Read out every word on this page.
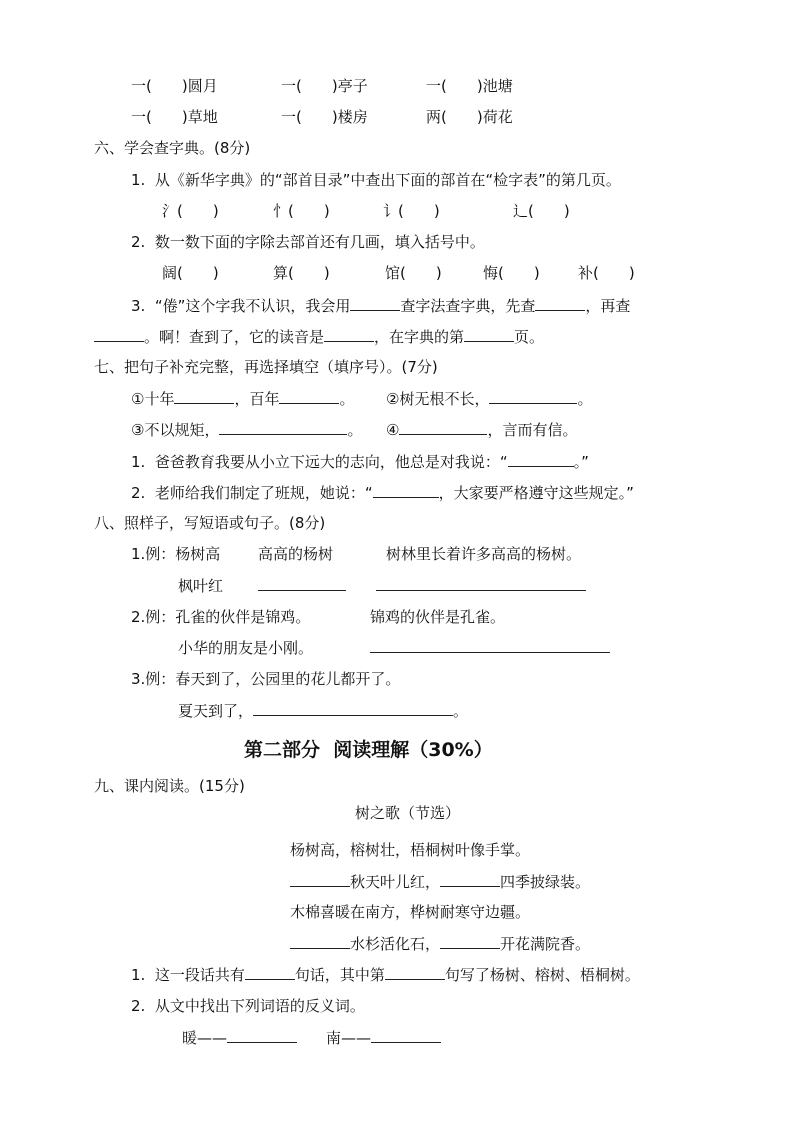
一(　　)圆月	一(　　)亭子	一(　　)池塘
一(　　)草地	一(　　)楼房	两(　　)荷花
六、学会查字典。(8分)
1.  从《新华字典》的“部首目录”中查出下面的部首在“检字表”的第几页。
氵(　　)	忄(　　)	讠(　　)	辶(　　)
2.  数一数下面的字除去部首还有几画，填入括号中。
阔(　　)	算(　　)	馆(　　)	悔(　　)	补(　　)
3.  “倦”这个字我不认识，我会用	查字法查字典，先查	，再查
。啊！查到了，它的读音是	，在字典的第	页。
七、把句子补充完整，再选择填空（填序号）。(7分)
①十年	，百年	。 ②树无根不长，	。
③不以规矩，	。 ④	，言而有信。
1.  爸爸教育我要从小立下远大的志向，他总是对我说：“	。”
2.  老师给我们制定了班规，她说：“	，大家要严格遵守这些规定。”
八、照样子，写短语或句子。(8分)
1.例：杨树高	高高的杨树	树林里长着许多高高的杨树。
枫叶红
2.例：孔雀的伙伴是锦鸡。	锦鸡的伙伴是孔雀。
小华的朋友是小刚。
3.例：春天到了，公园里的花儿都开了。
夏天到了，	。
第二部分  阅读理解（30%）
九、课内阅读。(15分)
树之歌（节选）
杨树高，榕树壮，梧桐树叶像手掌。
秋天叶儿红，	四季披绿装。
木棉喜暖在南方，桦树耐寒守边疆。
水杉活化石，	开花满院香。
1.  这一段话共有	句话，其中第	句写了杨树、榕树、梧桐树。
2.  从文中找出下列词语的反义词。
暖——	南——
